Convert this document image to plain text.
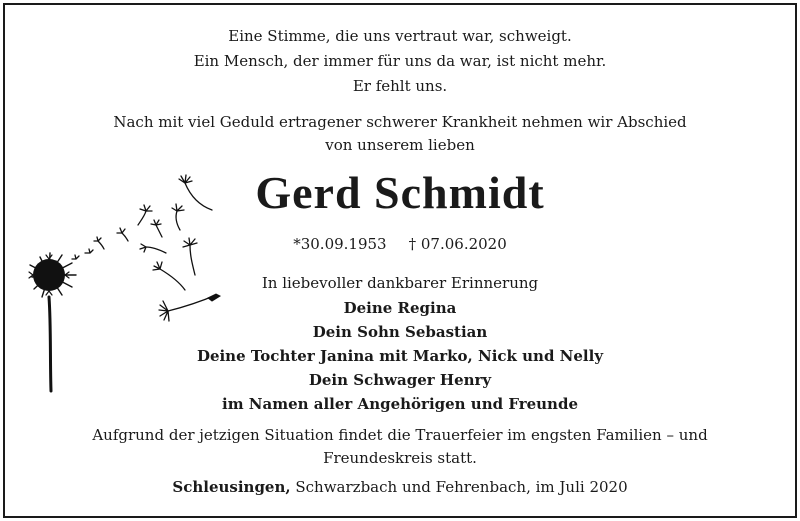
Eine Stimme, die uns vertraut war, schweigt.
Ein Mensch, der immer für uns da war, ist nicht mehr.
Er fehlt uns.
Nach mit viel Geduld ertragener schwerer Krankheit nehmen wir Abschied
von unserem lieben
Gerd Schmidt
*30.09.1953 † 07.06.2020
In liebevoller dankbarer Erinnerung
Deine Regina
Dein Sohn Sebastian
Deine Tochter Janina mit Marko, Nick und Nelly
Dein Schwager Henry
im Namen aller Angehörigen und Freunde
Aufgrund der jetzigen Situation findet die Trauerfeier im engsten Familien – und
Freundeskreis statt.
Schleusingen, Schwarzbach und Fehrenbach, im Juli 2020
